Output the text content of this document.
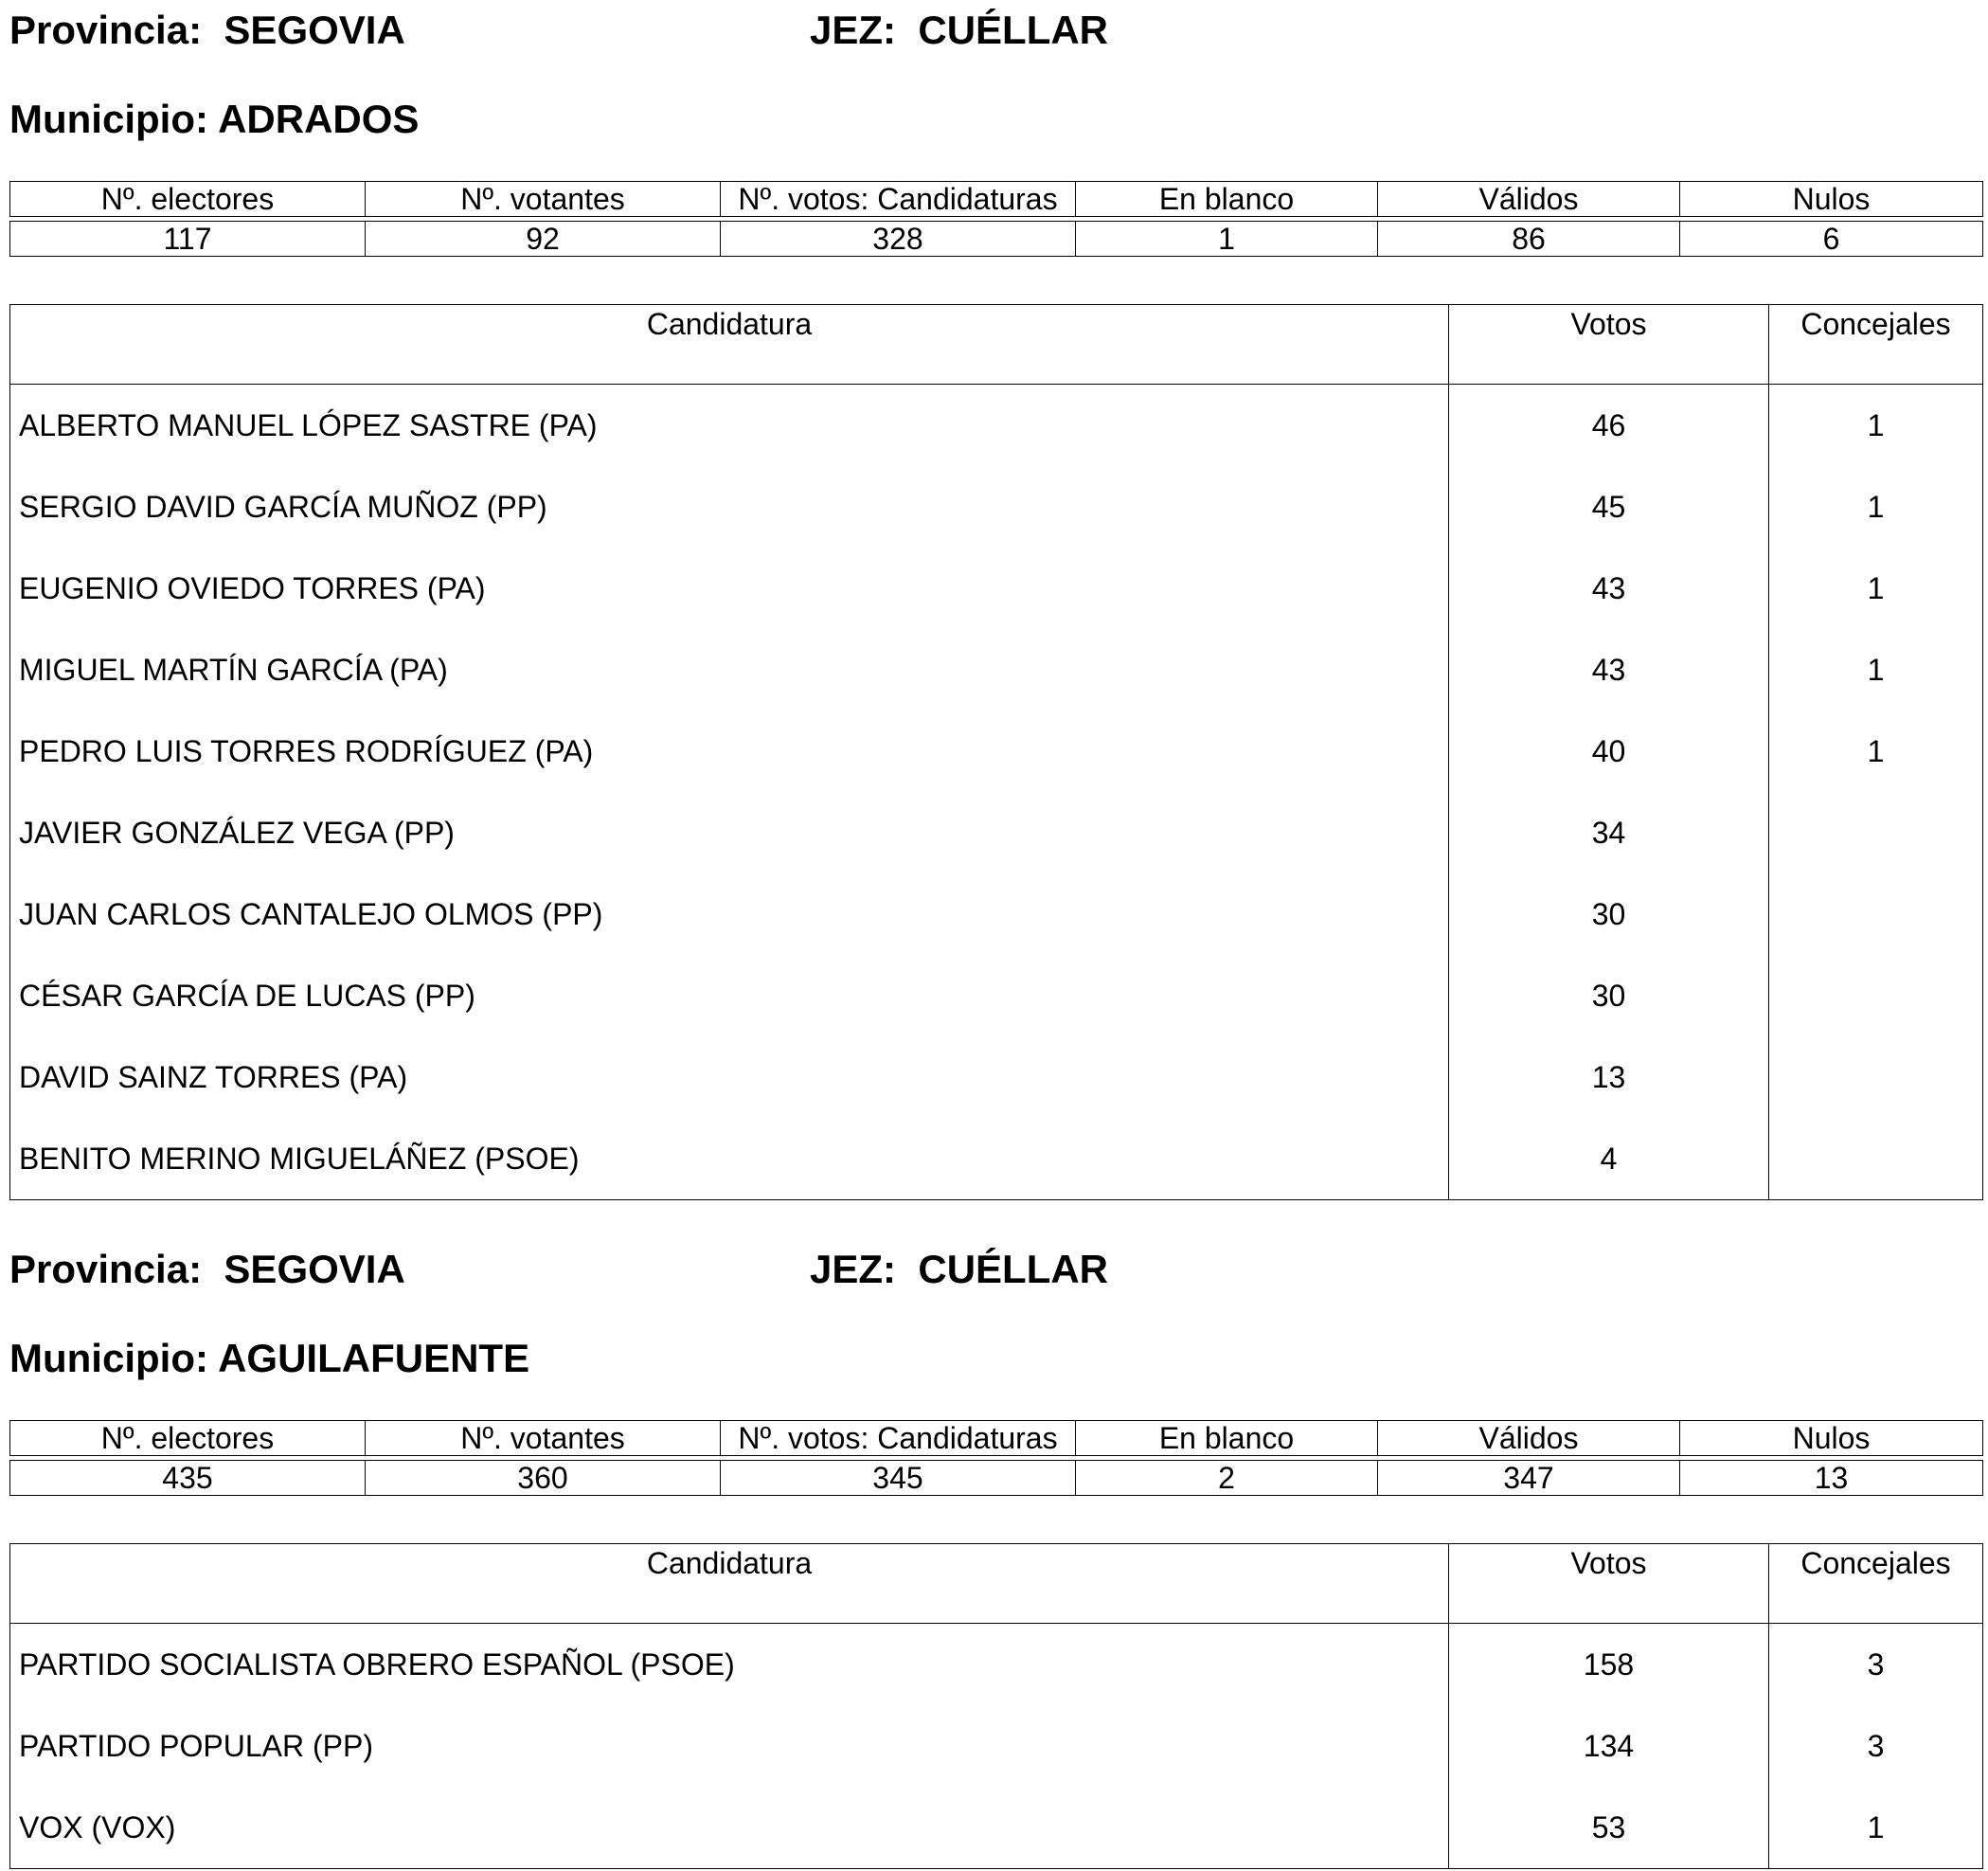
Provincia: SEGOVIA	JEZ: CUÉLLAR
Municipio: ADRADOS
Nº. electores	Nº. votantes	Nº. votos: Candidaturas	En blanco	Válidos	Nulos

117	92	328	1	86	6
Candidatura	Votos	Concejales
ALBERTO MANUEL LÓPEZ SASTRE (PA)	46	1
SERGIO DAVID GARCÍA MUÑOZ (PP)	45	1
EUGENIO OVIEDO TORRES (PA)	43	1
MIGUEL MARTÍN GARCÍA (PA)	43	1
PEDRO LUIS TORRES RODRÍGUEZ (PA)	40	1
JAVIER GONZÁLEZ VEGA (PP)	34	
JUAN CARLOS CANTALEJO OLMOS (PP)	30	
CÉSAR GARCÍA DE LUCAS (PP)	30	
DAVID SAINZ TORRES (PA)	13	
BENITO MERINO MIGUELÁÑEZ (PSOE)	4	
Provincia: SEGOVIA	JEZ: CUÉLLAR
Municipio: AGUILAFUENTE
Nº. electores	Nº. votantes	Nº. votos: Candidaturas	En blanco	Válidos	Nulos

435	360	345	2	347	13
Candidatura	Votos	Concejales
PARTIDO SOCIALISTA OBRERO ESPAÑOL (PSOE)	158	3
PARTIDO POPULAR (PP)	134	3
VOX (VOX)	53	1
